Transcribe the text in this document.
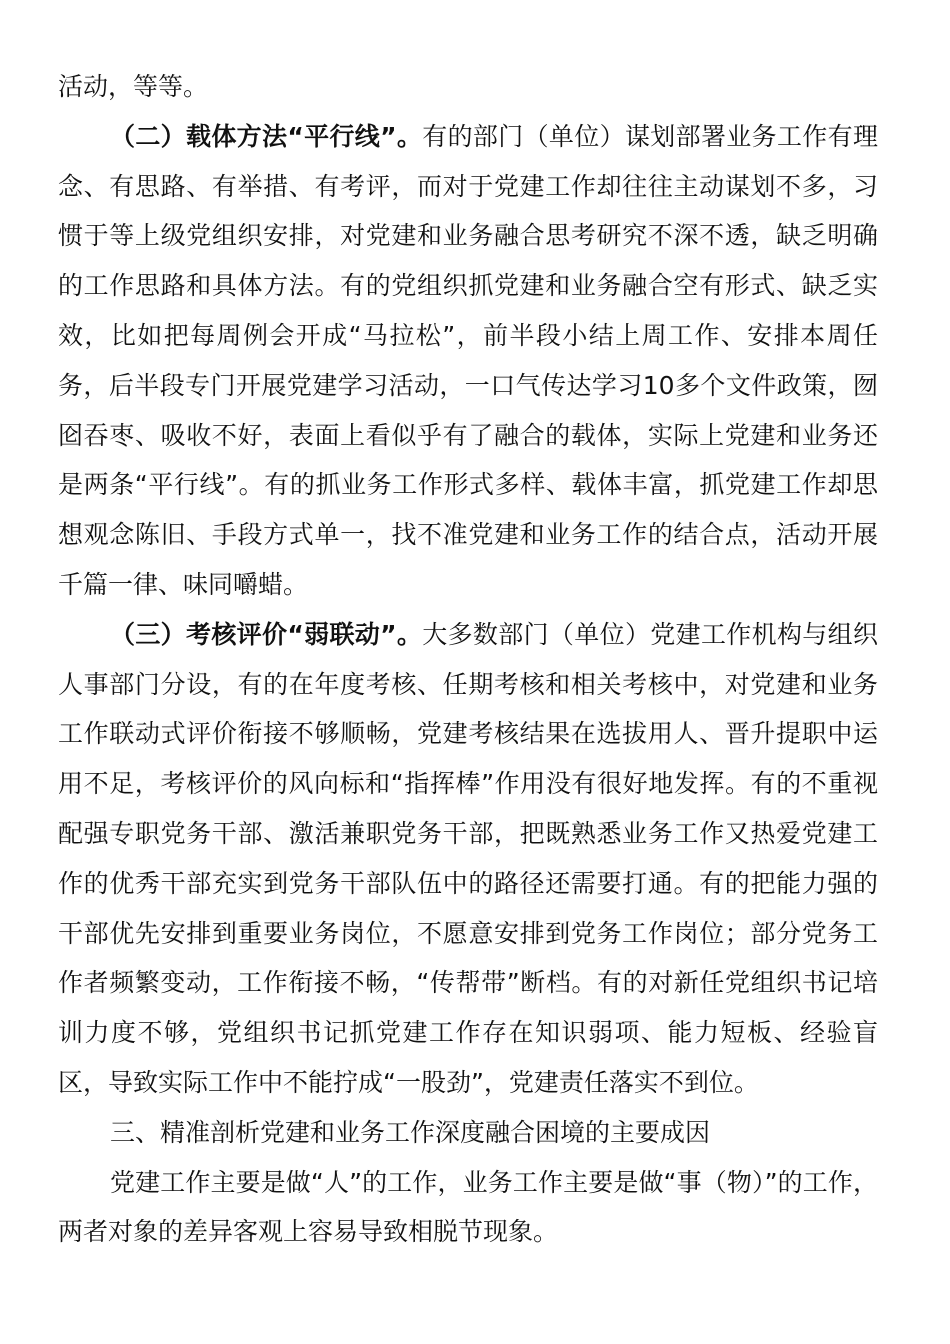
活动，等等。

（二）载体方法“平行线”。有的部门（单位）谋划部署业务工作有理念、有思路、有举措、有考评，而对于党建工作却往往主动谋划不多，习惯于等上级党组织安排，对党建和业务融合思考研究不深不透，缺乏明确的工作思路和具体方法。有的党组织抓党建和业务融合空有形式、缺乏实效，比如把每周例会开成“马拉松”，前半段小结上周工作、安排本周任务，后半段专门开展党建学习活动，一口气传达学习10多个文件政策，囫囵吞枣、吸收不好，表面上看似乎有了融合的载体，实际上党建和业务还是两条“平行线”。有的抓业务工作形式多样、载体丰富，抓党建工作却思想观念陈旧、手段方式单一，找不准党建和业务工作的结合点，活动开展千篇一律、味同嚼蜡。

（三）考核评价“弱联动”。大多数部门（单位）党建工作机构与组织人事部门分设，有的在年度考核、任期考核和相关考核中，对党建和业务工作联动式评价衔接不够顺畅，党建考核结果在选拔用人、晋升提职中运用不足，考核评价的风向标和“指挥棒”作用没有很好地发挥。有的不重视配强专职党务干部、激活兼职党务干部，把既熟悉业务工作又热爱党建工作的优秀干部充实到党务干部队伍中的路径还需要打通。有的把能力强的干部优先安排到重要业务岗位，不愿意安排到党务工作岗位；部分党务工作者频繁变动，工作衔接不畅，“传帮带”断档。有的对新任党组织书记培训力度不够，党组织书记抓党建工作存在知识弱项、能力短板、经验盲区，导致实际工作中不能拧成“一股劲”，党建责任落实不到位。

三、精准剖析党建和业务工作深度融合困境的主要成因

党建工作主要是做“人”的工作，业务工作主要是做“事（物）”的工作，两者对象的差异客观上容易导致相脱节现象。
